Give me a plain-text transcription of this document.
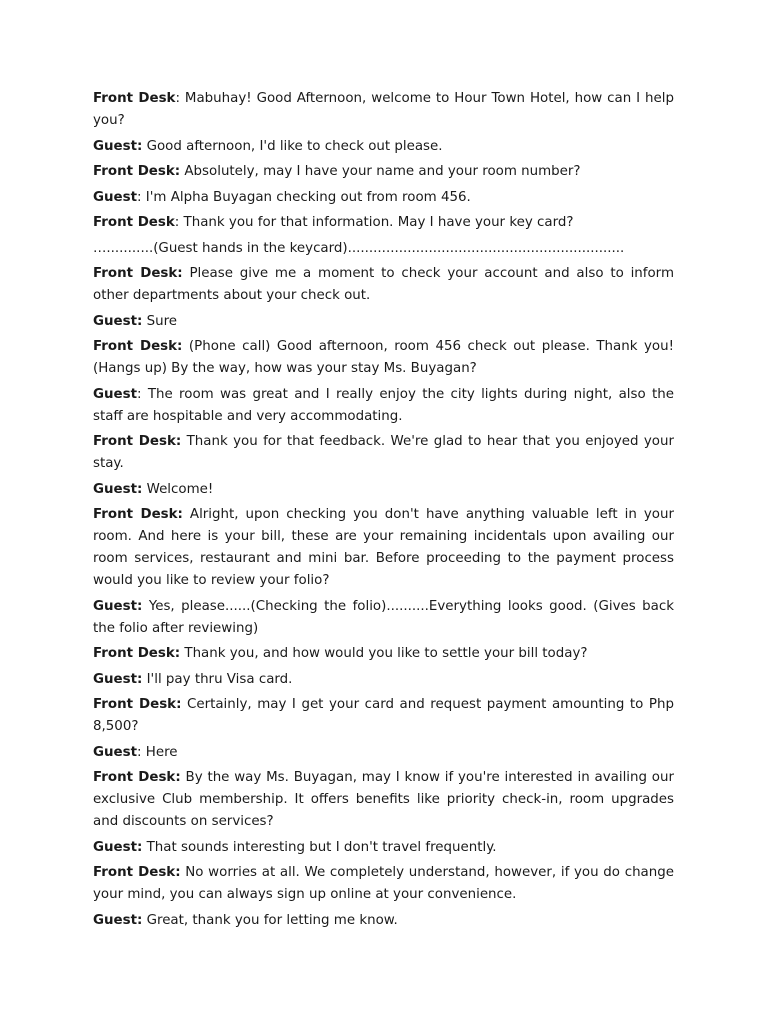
Front Desk: Mabuhay! Good Afternoon, welcome to Hour Town Hotel, how can I help you?

Guest: Good afternoon, I'd like to check out please.

Front Desk: Absolutely, may I have your name and your room number?

Guest: I'm Alpha Buyagan checking out from room 456.

Front Desk: Thank you for that information. May I have your key card?

…...........(Guest hands in the keycard).................................................................

Front Desk: Please give me a moment to check your account and also to inform other departments about your check out.

Guest: Sure

Front Desk: (Phone call) Good afternoon, room 456 check out please. Thank you! (Hangs up) By the way, how was your stay Ms. Buyagan?

Guest: The room was great and I really enjoy the city lights during night, also the staff are hospitable and very accommodating.

Front Desk: Thank you for that feedback. We're glad to hear that you enjoyed your stay.

Guest: Welcome!

Front Desk: Alright, upon checking you don't have anything valuable left in your room. And here is your bill, these are your remaining incidentals upon availing our room services, restaurant and mini bar. Before proceeding to the payment process would you like to review your folio?

Guest: Yes, please......(Checking the folio)..........Everything looks good. (Gives back the folio after reviewing)

Front Desk: Thank you, and how would you like to settle your bill today?

Guest: I'll pay thru Visa card.

Front Desk: Certainly, may I get your card and request payment amounting to Php 8,500?

Guest: Here

Front Desk: By the way Ms. Buyagan, may I know if you're interested in availing our exclusive Club membership. It offers benefits like priority check-in, room upgrades and discounts on services?

Guest: That sounds interesting but I don't travel frequently.

Front Desk: No worries at all. We completely understand, however, if you do change your mind, you can always sign up online at your convenience.

Guest: Great, thank you for letting me know.
